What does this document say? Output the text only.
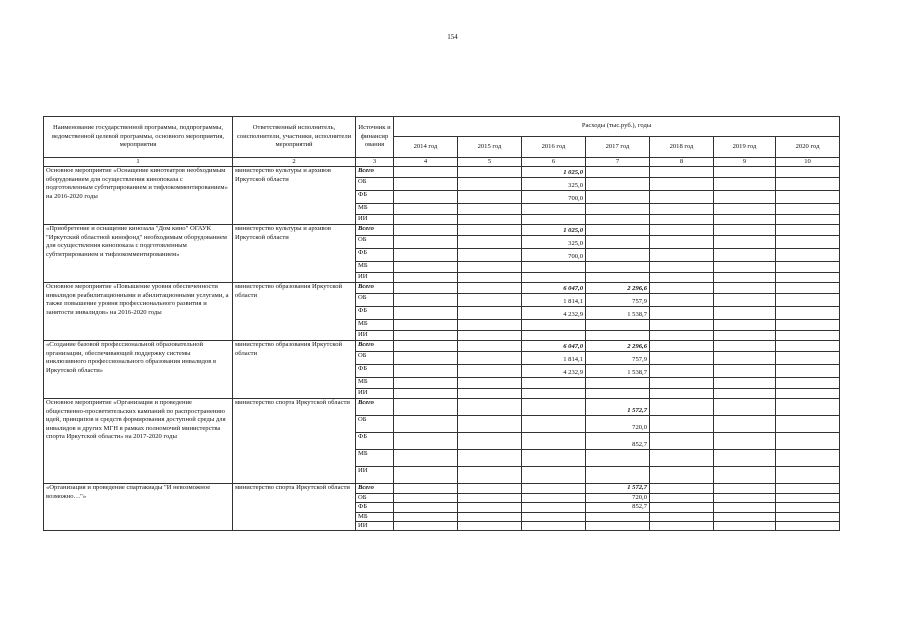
154
Наименование государственной программы, подпрограммы, ведомственной целевой программы, основного мероприятия, мероприятия	Ответственный исполнитель, соисполнители, участники, исполнители мероприятий	Источник и финансир ования	Расходы (тыс.руб.), годы						
			2014 год	2015 год	2016 год	2017 год	2018 год	2019 год	2020 год
1	2	3	4	5	6	7	8	9	10
Основное мероприятие «Оснащение кинотеатров необходимым оборудованием для осуществления кинопоказа с подготовленным субтитрированием и тифлокомментированием» на 2016-2020 годы	министерство культуры и архивов Иркутской области	Всего			1 025,0				
		ОБ			325,0				
		ФБ			700,0				
		МБ							
		ИИ							
«Приобретение и оснащение кинозала "Дом кино" ОГАУК "Иркутский областной кинофонд" необходимым оборудованием для осуществления кинопоказа с подготовленным субтитрированием и тифлокомментированием»	министерство культуры и архивов Иркутской области	Всего			1 025,0				
		ОБ			325,0				
		ФБ			700,0				
		МБ							
		ИИ							
Основное мероприятие «Повышение уровня обеспеченности инвалидов реабилитационными и абилитационными услугами, а также повышение уровня профессионального развития и занятости инвалидов» на 2016-2020 годы	министерство образования Иркутской области	Всего			6 047,0	2 296,6			
		ОБ			1 814,1	757,9			
		ФБ			4 232,9	1 538,7			
		МБ							
		ИИ							
«Создание базовой профессиональной образовательной организации, обеспечивающей поддержку системы инклюзивного профессионального образования инвалидов в Иркутской области»	министерство образования Иркутской области	Всего			6 047,0	2 296,6			
		ОБ			1 814,1	757,9			
		ФБ			4 232,9	1 538,7			
		МБ							
		ИИ							
Основное мероприятие «Организация и проведение общественно-просветительских кампаний по распространению идей, принципов и средств формирования доступной среды для инвалидов и других МГН в рамках полномочий министерства спорта Иркутской области» на 2017-2020 годы	министерство спорта Иркутской области	Всего				1 572,7			
		ОБ				720,0			
		ФБ				852,7			
		МБ							
		ИИ							
«Организация и проведение спартакиады "И невозможное возможно…"»	министерство спорта Иркутской области	Всего				1 572,7			
		ОБ				720,0			
		ФБ				852,7			
		МБ							
		ИИ							
